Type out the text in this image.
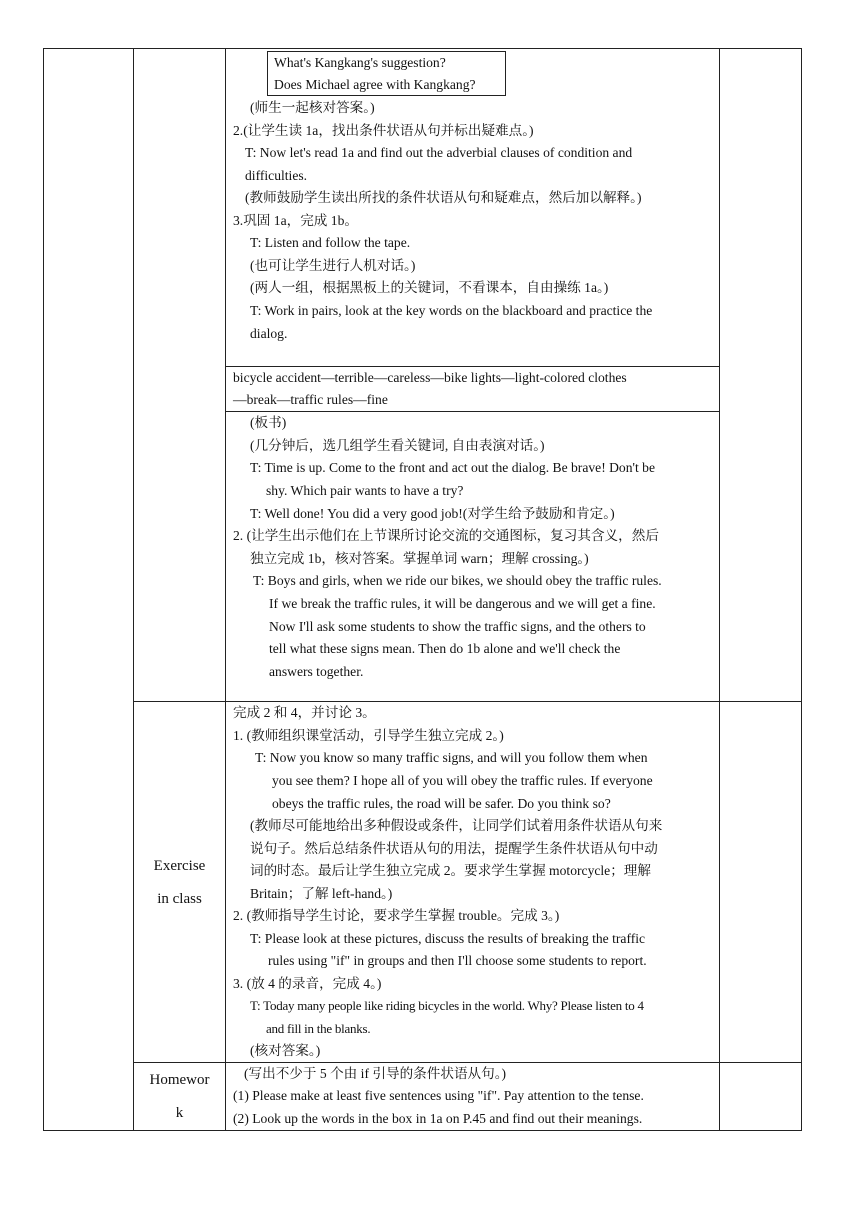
What's Kangkang's suggestion?
Does Michael agree with Kangkang?
(师生一起核对答案。)
2.(让学生读 1a，找出条件状语从句并标出疑难点。)
T: Now let's read 1a and find out the adverbial clauses of condition and
difficulties.
(教师鼓励学生读出所找的条件状语从句和疑难点，然后加以解释。)
3.巩固 1a，完成 1b。
T: Listen and follow the tape.
(也可让学生进行人机对话。)
(两人一组，根据黑板上的关键词，不看课本，自由操练 1a。)
T: Work in pairs, look at the key words on the blackboard and practice the
dialog.
bicycle accident—terrible—careless—bike lights—light-colored clothes
—break—traffic rules—fine
(板书)
(几分钟后，选几组学生看关键词, 自由表演对话。)
T: Time is up. Come to the front and act out the dialog. Be brave! Don't be
shy. Which pair wants to have a try?
T: Well done! You did a very good job!(对学生给予鼓励和肯定。)
2. (让学生出示他们在上节课所讨论交流的交通图标，复习其含义，然后
独立完成 1b，核对答案。掌握单词 warn；理解 crossing。)
T: Boys and girls, when we ride our bikes, we should obey the traffic rules.
If we break the traffic rules, it will be dangerous and we will get a fine.
Now I'll ask some students to show the traffic signs, and the others to
tell what these signs mean. Then do 1b alone and we'll check the
answers together.
Exercise
in class
完成 2 和 4，并讨论 3。
1. (教师组织课堂活动，引导学生独立完成 2。)
T: Now you know so many traffic signs, and will you follow them when
you see them? I hope all of you will obey the traffic rules. If everyone
obeys the traffic rules, the road will be safer. Do you think so?
(教师尽可能地给出多种假设或条件，让同学们试着用条件状语从句来
说句子。然后总结条件状语从句的用法，提醒学生条件状语从句中动
词的时态。最后让学生独立完成 2。要求学生掌握 motorcycle；理解
Britain；了解 left-hand。)
2. (教师指导学生讨论，要求学生掌握 trouble。完成 3。)
T: Please look at these pictures, discuss the results of breaking the traffic
rules using "if" in groups and then I'll choose some students to report.
3. (放 4 的录音，完成 4。)
T: Today many people like riding bicycles in the world. Why? Please listen to 4
and fill in the blanks.
(核对答案。)
Homewor
k
(写出不少于 5 个由 if 引导的条件状语从句。)
(1) Please make at least five sentences using "if". Pay attention to the tense.
(2) Look up the words in the box in 1a on P.45 and find out their meanings.
